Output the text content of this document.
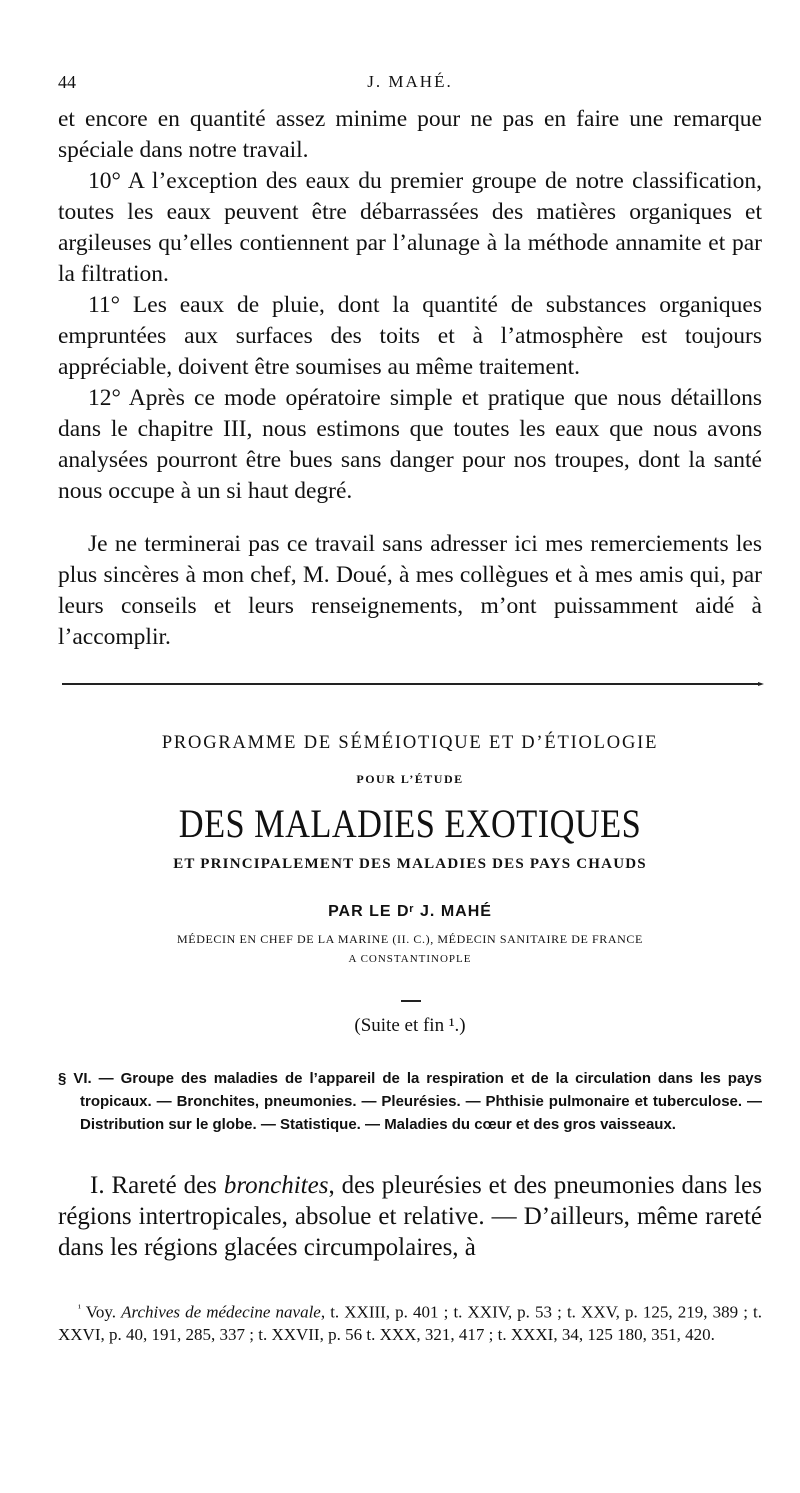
44	J. MAHÉ.

et encore en quantité assez minime pour ne pas en faire une remarque spéciale dans notre travail.

10° A l’exception des eaux du premier groupe de notre classification, toutes les eaux peuvent être débarrassées des matières organiques et argileuses qu’elles contiennent par l’alunage à la méthode annamite et par la filtration.

11° Les eaux de pluie, dont la quantité de substances organiques empruntées aux surfaces des toits et à l’atmosphère est toujours appréciable, doivent être soumises au même traitement.

12° Après ce mode opératoire simple et pratique que nous détaillons dans le chapitre III, nous estimons que toutes les eaux que nous avons analysées pourront être bues sans danger pour nos troupes, dont la santé nous occupe à un si haut degré.

Je ne terminerai pas ce travail sans adresser ici mes remerciements les plus sincères à mon chef, M. Doué, à mes collègues et à mes amis qui, par leurs conseils et leurs renseignements, m’ont puissamment aidé à l’accomplir.

PROGRAMME DE SÉMÉIOTIQUE ET D’ÉTIOLOGIE
POUR L’ÉTUDE
DES MALADIES EXOTIQUES
ET PRINCIPALEMENT DES MALADIES DES PAYS CHAUDS
PAR LE Dʳ J. MAHÉ
MÉDECIN EN CHEF DE LA MARINE (II. C.), MÉDECIN SANITAIRE DE FRANCE
A CONSTANTINOPLE
(Suite et fin ¹.)

§ VI. — Groupe des maladies de l’appareil de la respiration et de la circulation dans les pays tropicaux. — Bronchites, pneumonies. — Pleurésies. — Phthisie pulmonaire et tuberculose. — Distribution sur le globe. — Statistique. — Maladies du cœur et des gros vaisseaux.

I. Rareté des bronchites, des pleurésies et des pneumonies dans les régions intertropicales, absolue et relative. — D’ailleurs, même rareté dans les régions glacées circumpolaires, à

$^{^1}$ Voy. Archives de médecine navale, t. XXIII, p. 401 ; t. XXIV, p. 53 ; t. XXV, p. 125, 219, 389 ; t. XXVI, p. 40, 191, 285, 337 ; t. XXVII, p. 56 t. XXX, 321, 417 ; t. XXXI, 34, 125 180, 351, 420.
